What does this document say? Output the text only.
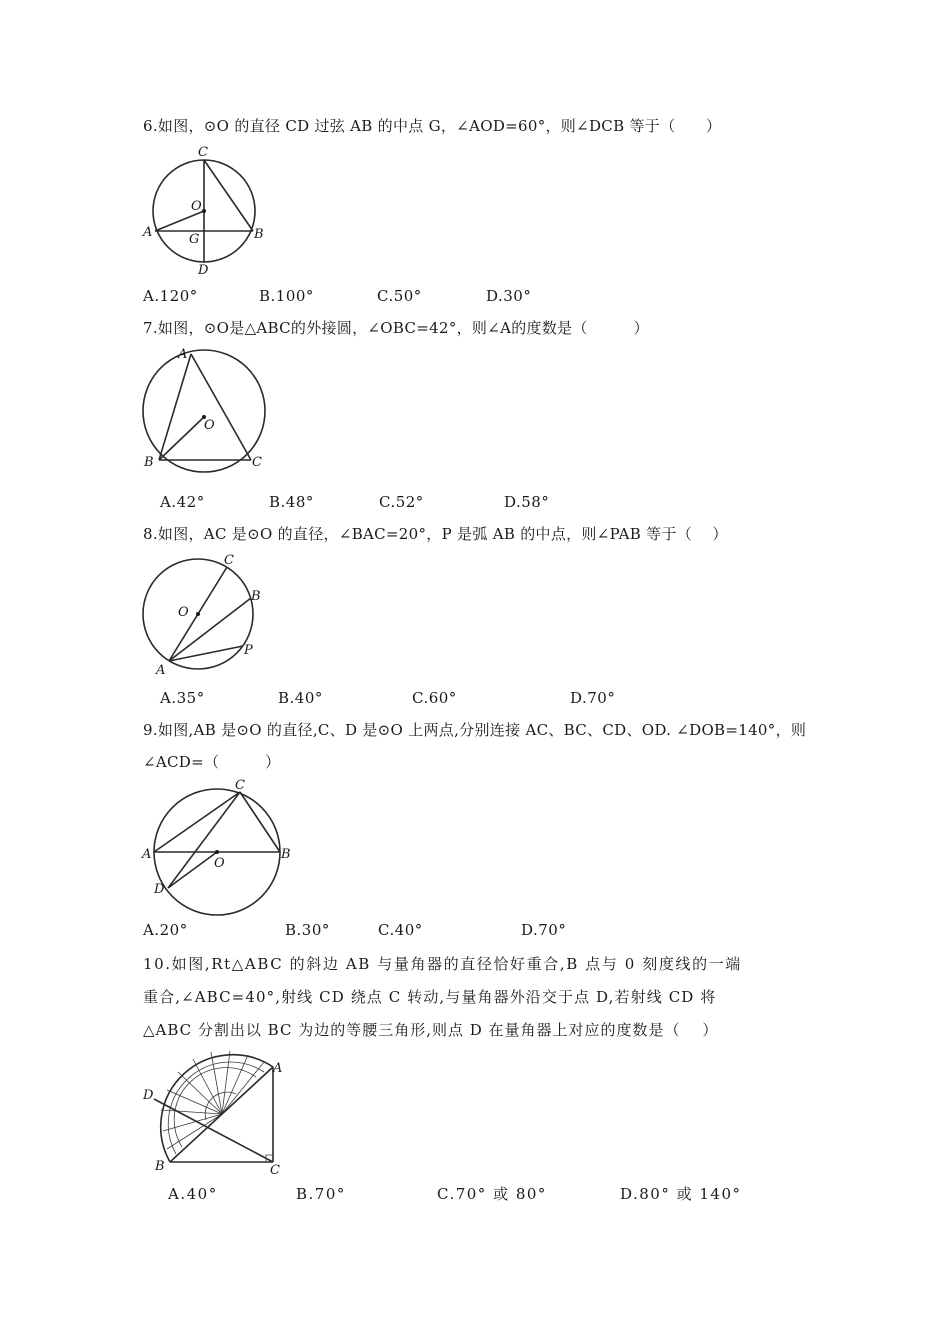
6.如图，⊙O 的直径 CD 过弦 AB 的中点 G，∠AOD=60°，则∠DCB 等于（　　）
C
O
A	G	B
D
A.120°	B.100°	C.50°	D.30°
7.如图，⊙O是△ABC的外接圆，∠OBC=42°，则∠A的度数是（　　　）
A
O
B	C
A.42°	B.48°	C.52°	D.58°
8.如图，AC 是⊙O 的直径，∠BAC=20°，P 是弧 AB 的中点，则∠PAB 等于（　 ）
C
O
B
P
A
A.35°	B.40°	C.60°	D.70°
9.如图,AB 是⊙O 的直径,C、D 是⊙O 上两点,分别连接 AC、BC、CD、OD. ∠DOB=140°，则
∠ACD=（　　　）
C
A
O
B
D
A.20°	B.30°	C.40°	D.70°
10.如图,Rt△ABC 的斜边 AB 与量角器的直径恰好重合,B 点与 0 刻度线的一端
重合,∠ABC=40°,射线 CD 绕点 C 转动,与量角器外沿交于点 D,若射线 CD 将
△ABC 分割出以 BC 为边的等腰三角形,则点 D 在量角器上对应的度数是（　 ）
A
D
B	C
A.40°	B.70°	C.70° 或 80°	D.80° 或 140°
